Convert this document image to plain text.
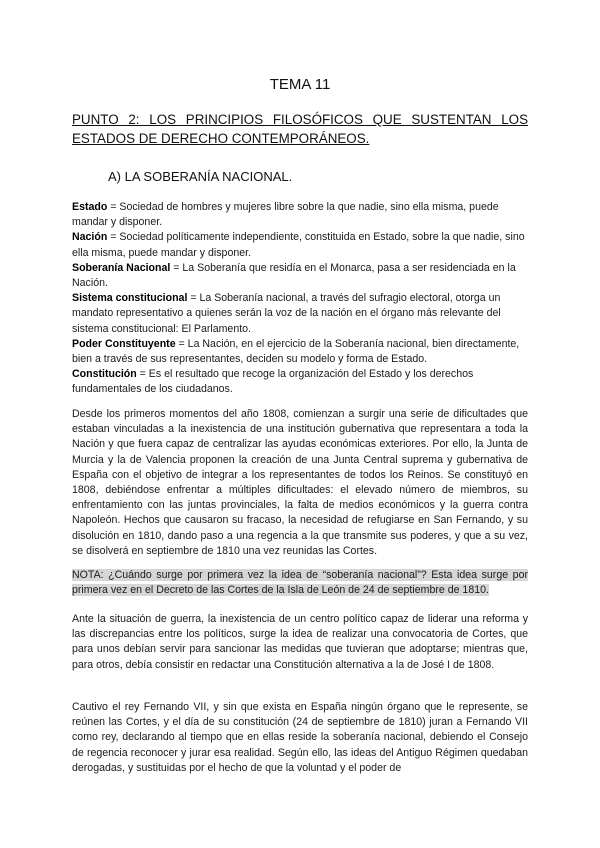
TEMA 11
PUNTO 2: LOS PRINCIPIOS FILOSÓFICOS QUE SUSTENTAN LOS ESTADOS DE DERECHO CONTEMPORÁNEOS.
A) LA SOBERANÍA NACIONAL.

Estado = Sociedad de hombres y mujeres libre sobre la que nadie, sino ella misma, puede mandar y disponer.

Nación = Sociedad políticamente independiente, constituida en Estado, sobre la que nadie, sino ella misma, puede mandar y disponer.

Soberanía Nacional = La Soberanía que residía en el Monarca, pasa a ser residenciada en la Nación.

Sistema constitucional = La Soberanía nacional, a través del sufragio electoral, otorga un mandato representativo a quienes serán la voz de la nación en el órgano más relevante del sistema constitucional: El Parlamento.

Poder Constituyente = La Nación, en el ejercicio de la Soberanía nacional, bien directamente, bien a través de sus representantes, deciden su modelo y forma de Estado.

Constitución = Es el resultado que recoge la organización del Estado y los derechos fundamentales de los ciudadanos.

Desde los primeros momentos del año 1808, comienzan a surgir una serie de dificultades que estaban vinculadas a la inexistencia de una institución gubernativa que representara a toda la Nación y que fuera capaz de centralizar las ayudas económicas exteriores. Por ello, la Junta de Murcia y la de Valencia proponen la creación de una Junta Central suprema y gubernativa de España con el objetivo de integrar a los representantes de todos los Reinos. Se constituyó en 1808, debiéndose enfrentar a múltiples dificultades: el elevado número de miembros, su enfrentamiento con las juntas provinciales, la falta de medios económicos y la guerra contra Napoleón. Hechos que causaron su fracaso, la necesidad de refugiarse en San Fernando, y su disolución en 1810, dando paso a una regencia a la que transmite sus poderes, y que a su vez, se disolverá en septiembre de 1810 una vez reunidas las Cortes.

NOTA: ¿Cuándo surge por primera vez la idea de “soberanía nacional”? Esta idea surge por primera vez en el Decreto de las Cortes de la Isla de León de 24 de septiembre de 1810.

Ante la situación de guerra, la inexistencia de un centro político capaz de liderar una reforma y las discrepancias entre los políticos, surge la idea de realizar una convocatoria de Cortes, que para unos debían servir para sancionar las medidas que tuvieran que adoptarse; mientras que, para otros, debía consistir en redactar una Constitución alternativa a la de José I de 1808.

Cautivo el rey Fernando VII, y sin que exista en España ningún órgano que le represente, se reúnen las Cortes, y el día de su constitución (24 de septiembre de 1810) juran a Fernando VII como rey, declarando al tiempo que en ellas reside la soberanía nacional, debiendo el Consejo de regencia reconocer y jurar esa realidad. Según ello, las ideas del Antiguo Régimen quedaban derogadas, y sustituidas por el hecho de que la voluntad y el poder de
